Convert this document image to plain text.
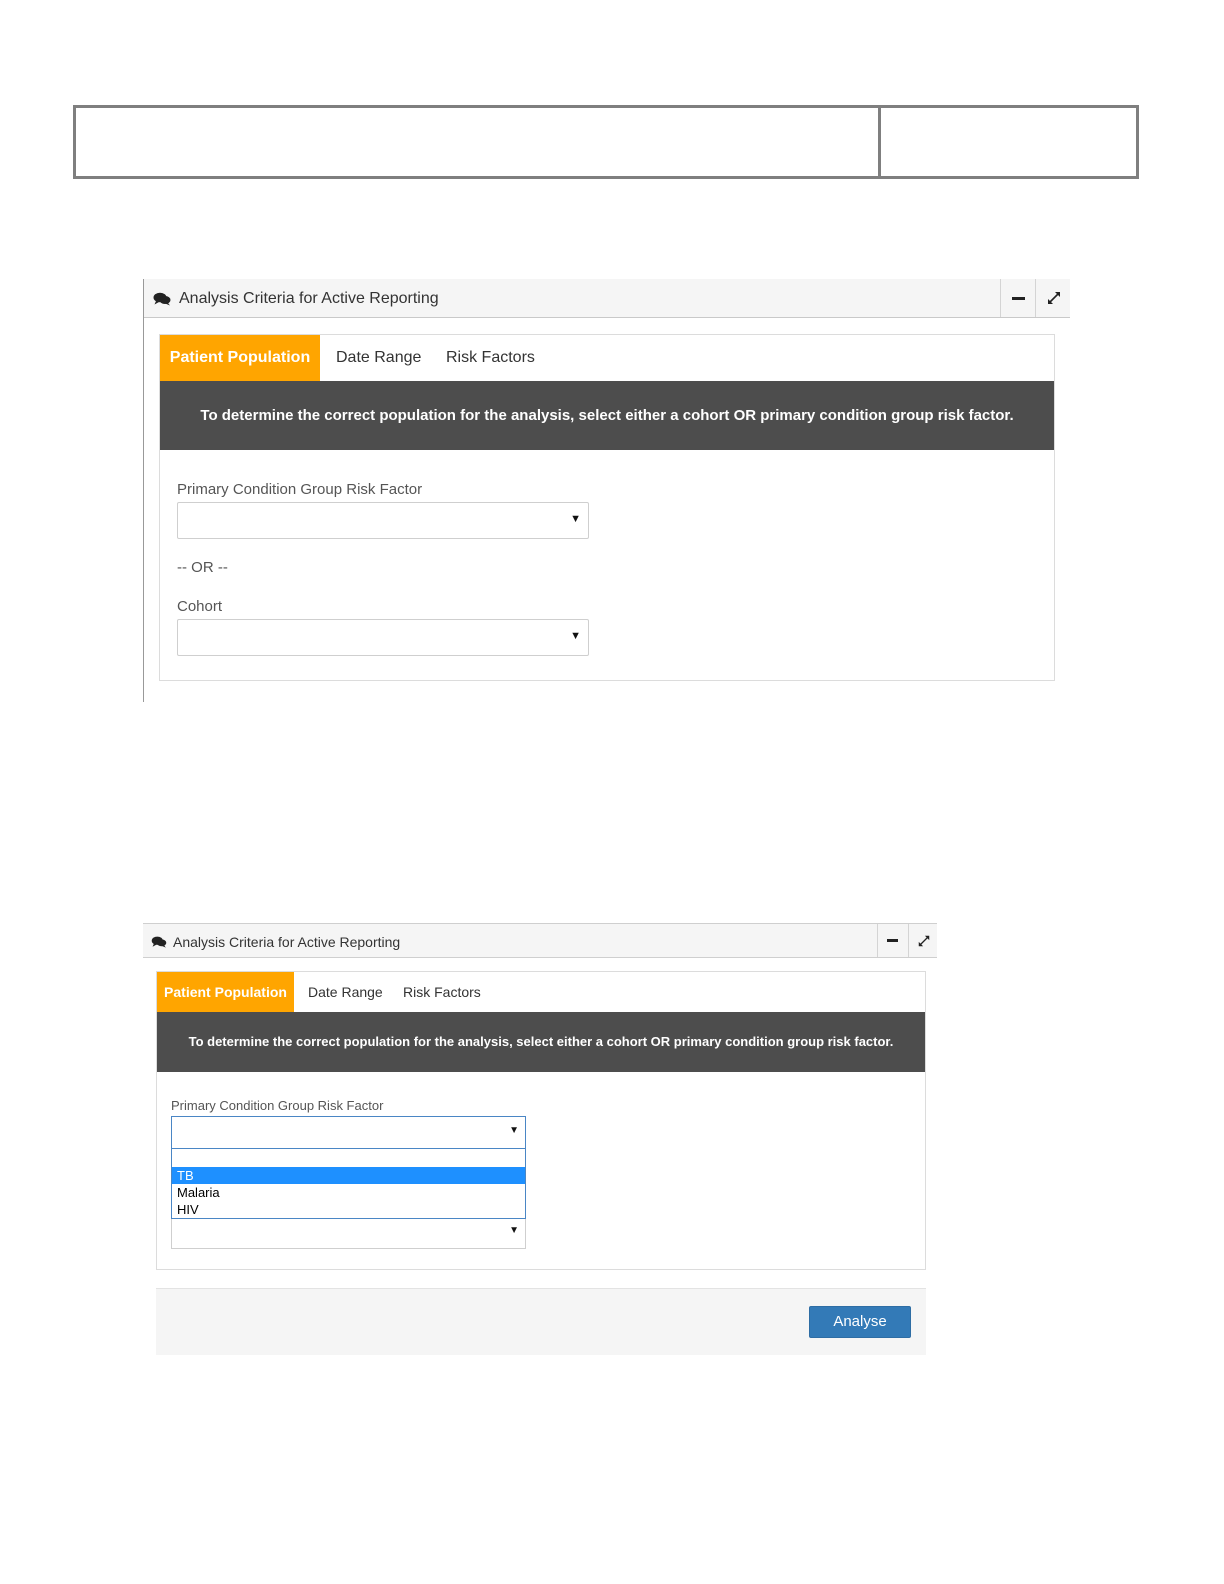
Analysis Criteria for Active Reporting
Patient Population	Date Range Risk Factors
To determine the correct population for the analysis, select either a cohort OR primary condition group risk factor.
Primary Condition Group Risk Factor
▼
-- OR --
Cohort
▼
Analysis Criteria for Active Reporting
Patient Population	Date Range Risk Factors
To determine the correct population for the analysis, select either a cohort OR primary condition group risk factor.
Primary Condition Group Risk Factor
▼
▼
TB
Malaria
HIV
Analyse
